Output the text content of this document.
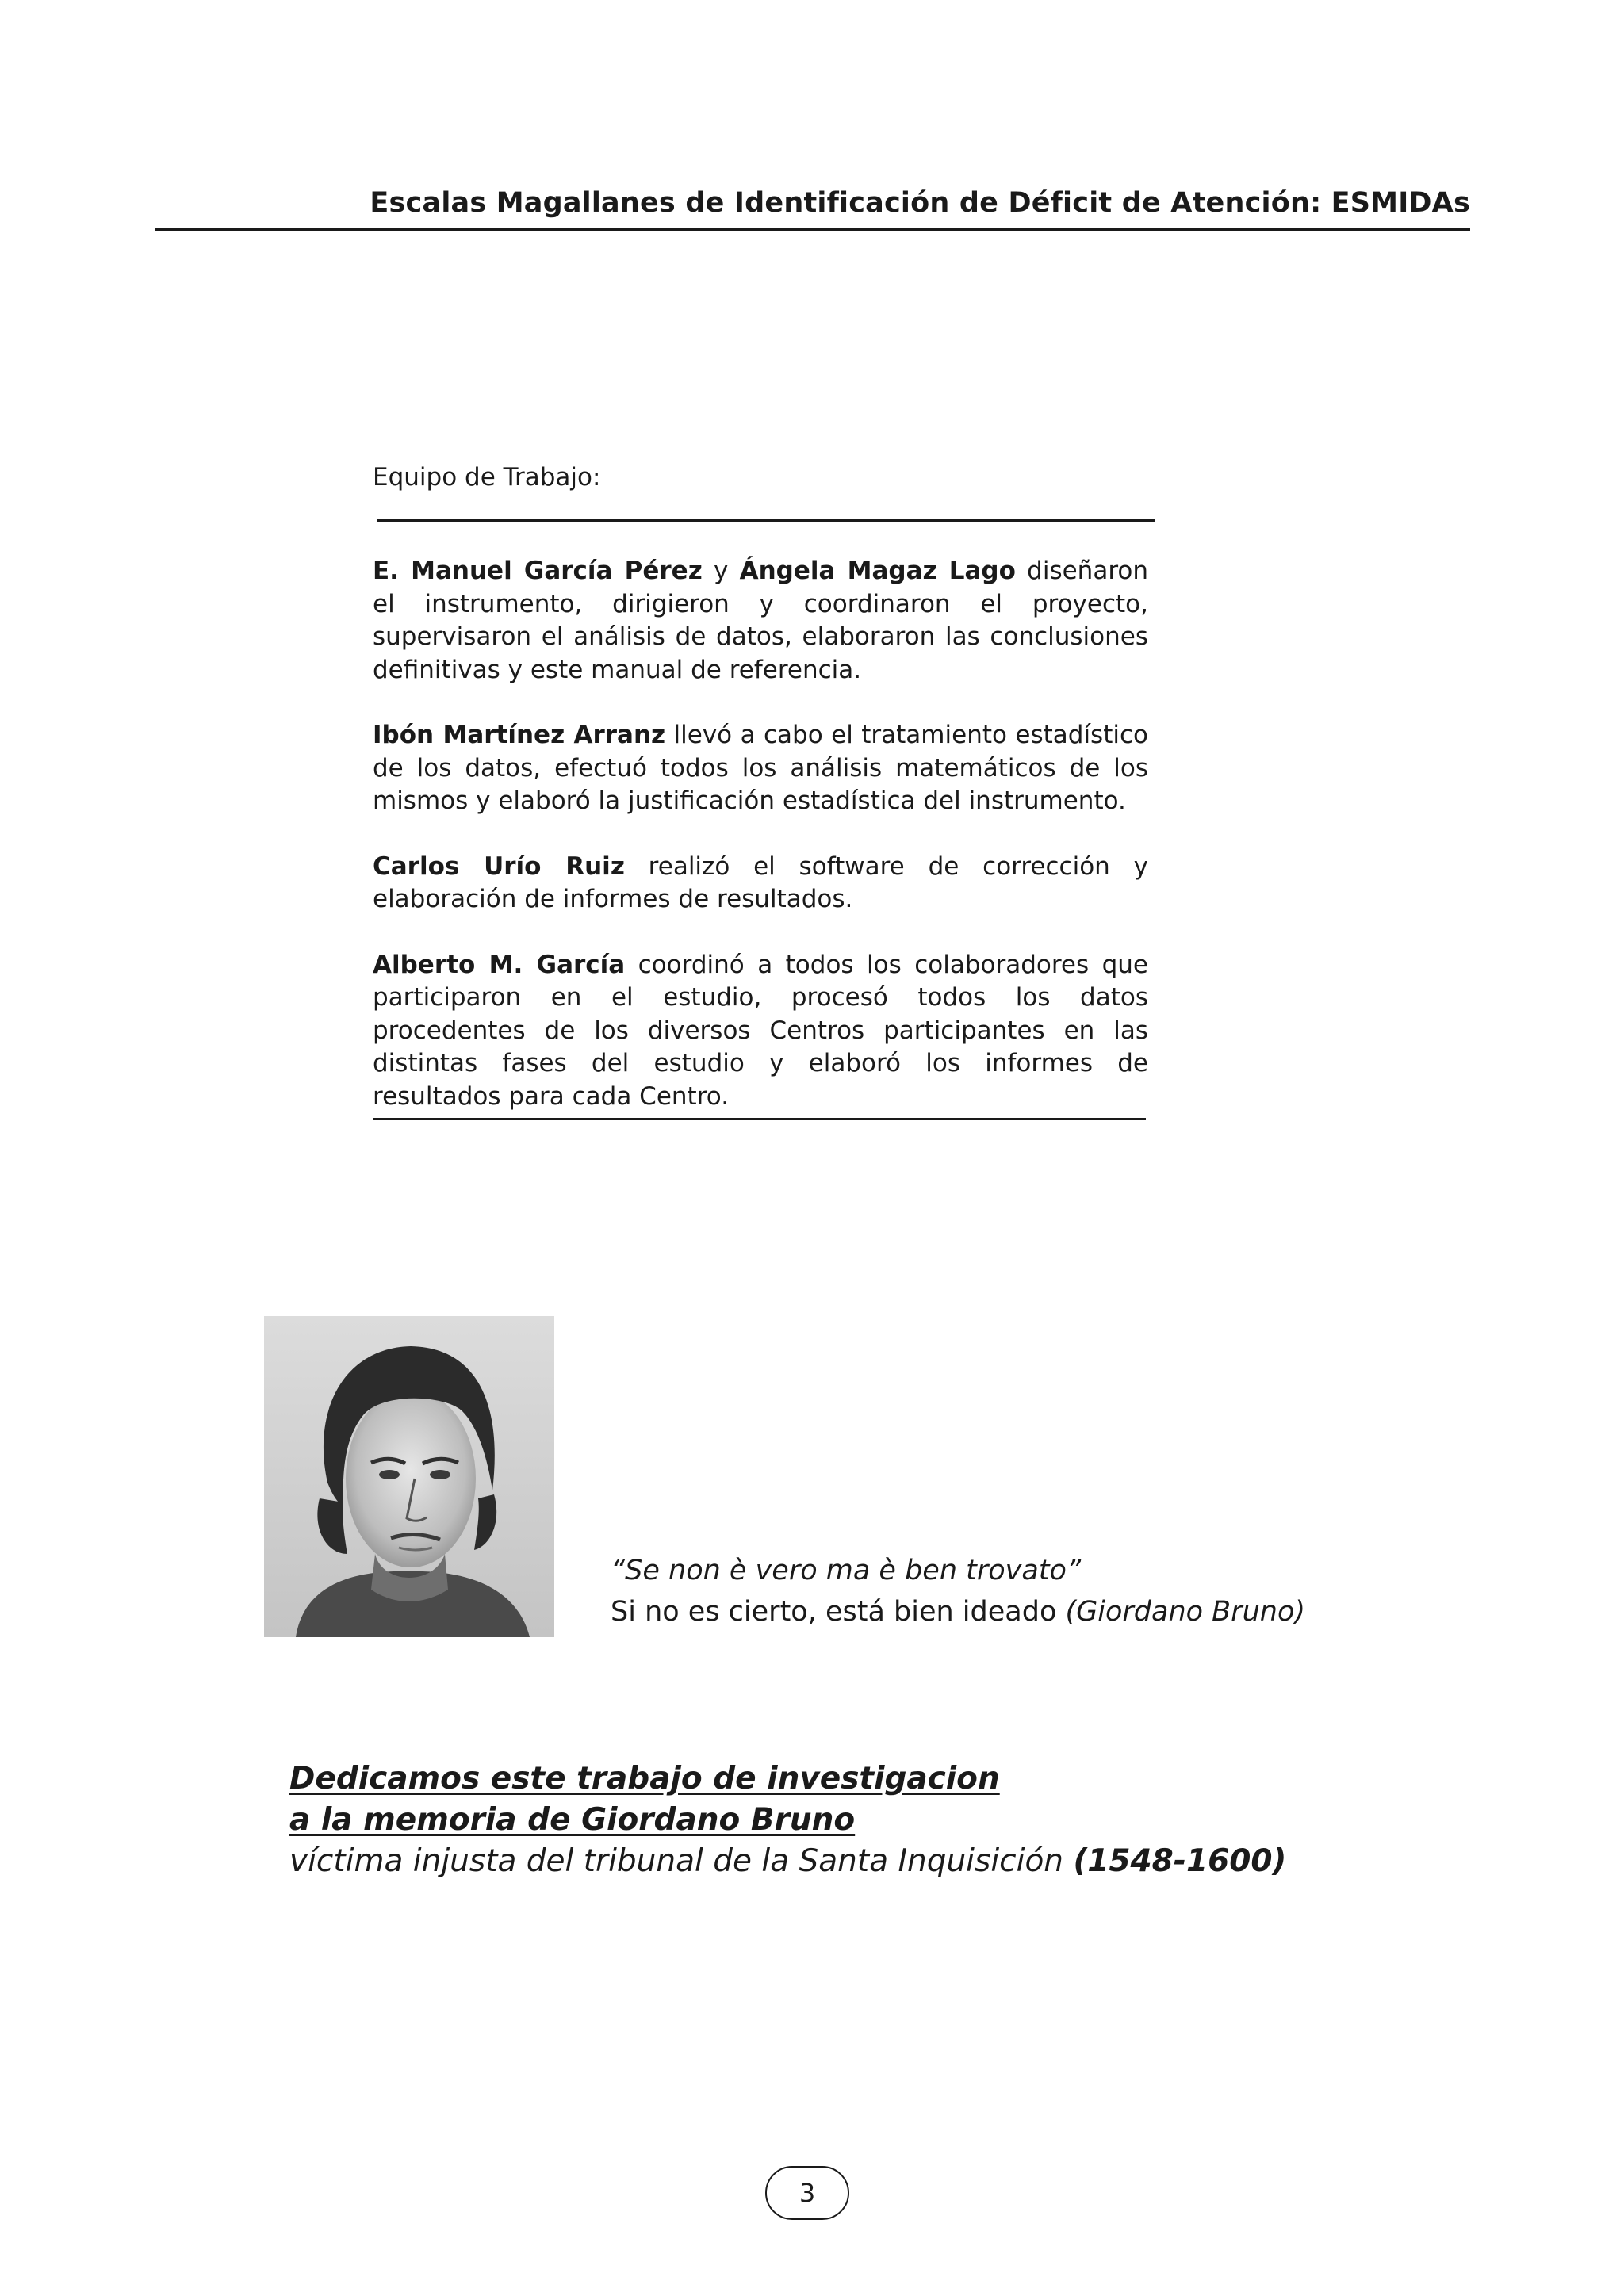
Escalas Magallanes de Identificación de Déficit de Atención: ESMIDAs
Equipo de Trabajo:

E. Manuel García Pérez y Ángela Magaz Lago diseñaron el instrumento, dirigieron y coordinaron el proyecto, supervisaron el análisis de datos, elaboraron las conclusiones definitivas y este manual de referencia.

Ibón Martínez Arranz llevó a cabo el tratamiento estadístico de los datos, efectuó todos los análisis matemáticos de los mismos y elaboró la justificación estadística del instrumento.

Carlos Urío Ruiz realizó el software de corrección y elaboración de informes de resultados.

Alberto M. García coordinó a todos los colaboradores que participaron en el estudio, procesó todos los datos procedentes de los diversos Centros participantes en las distintas fases del estudio y elaboró los informes de resultados para cada Centro.

“Se non è vero ma è ben trovato”
Si no es cierto, está bien ideado (Giordano Bruno)
Dedicamos este trabajo de investigacion
a la memoria de Giordano Bruno
víctima injusta del tribunal de la Santa Inquisición (1548-1600)
3
